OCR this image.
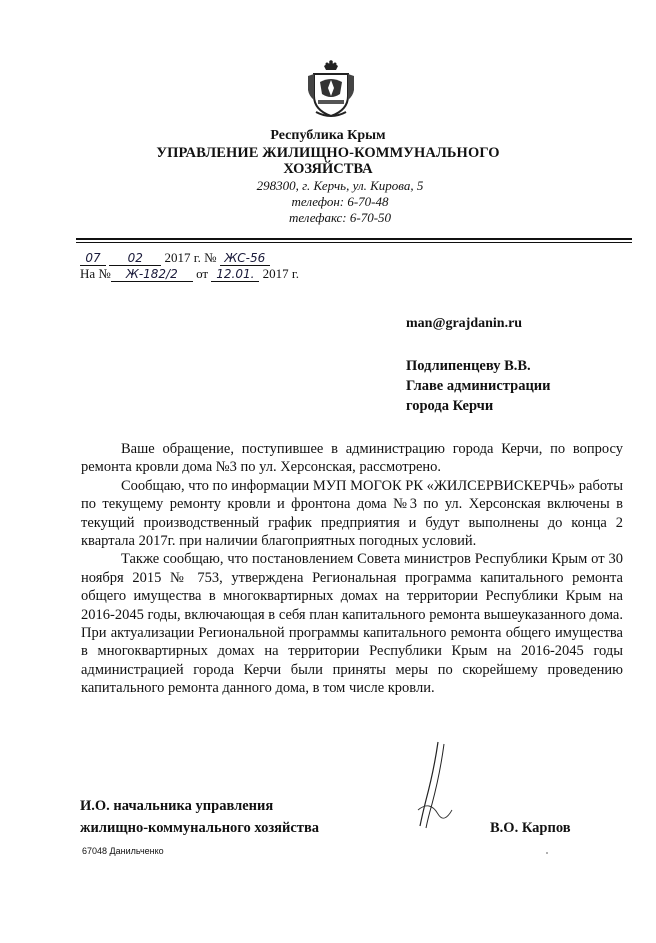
Республика Крым
УПРАВЛЕНИЕ ЖИЛИЩНО-КОММУНАЛЬНОГО
ХОЗЯЙСТВА
298300, г. Керчь, ул. Кирова, 5
телефон: 6-70-48
телефакс: 6-70-50
07 02 2017 г. № ЖС-56
На № Ж-182/2 от 12.01. 2017 г.
man@grajdanin.ru
Подлипенцеву В.В.
Главе администрации
города Керчи

Ваше обращение, поступившее в администрацию города Керчи, по вопросу ремонта кровли дома №3 по ул. Херсонская, рассмотрено.

Сообщаю, что по информации МУП МОГОК РК «ЖИЛСЕРВИСКЕРЧЬ» работы по текущему ремонту кровли и фронтона дома №3 по ул. Херсонская включены в текущий производственный график предприятия и будут выполнены до конца 2 квартала 2017г. при наличии благоприятных погодных условий.

Также сообщаю, что постановлением Совета министров Республики Крым от 30 ноября 2015 № 753, утверждена Региональная программа капитального ремонта общего имущества в многоквартирных домах на территории Республики Крым на 2016-2045 годы, включающая в себя план капитального ремонта вышеуказанного дома. При актуализации Региональной программы капитального ремонта общего имущества в многоквартирных домах на территории Республики Крым на 2016-2045 годы администрацией города Керчи были приняты меры по скорейшему проведению капитального ремонта данного дома, в том числе кровли.

И.О. начальника управления
жилищно-коммунального хозяйства	В.О. Карпов
67048 Данильченко
